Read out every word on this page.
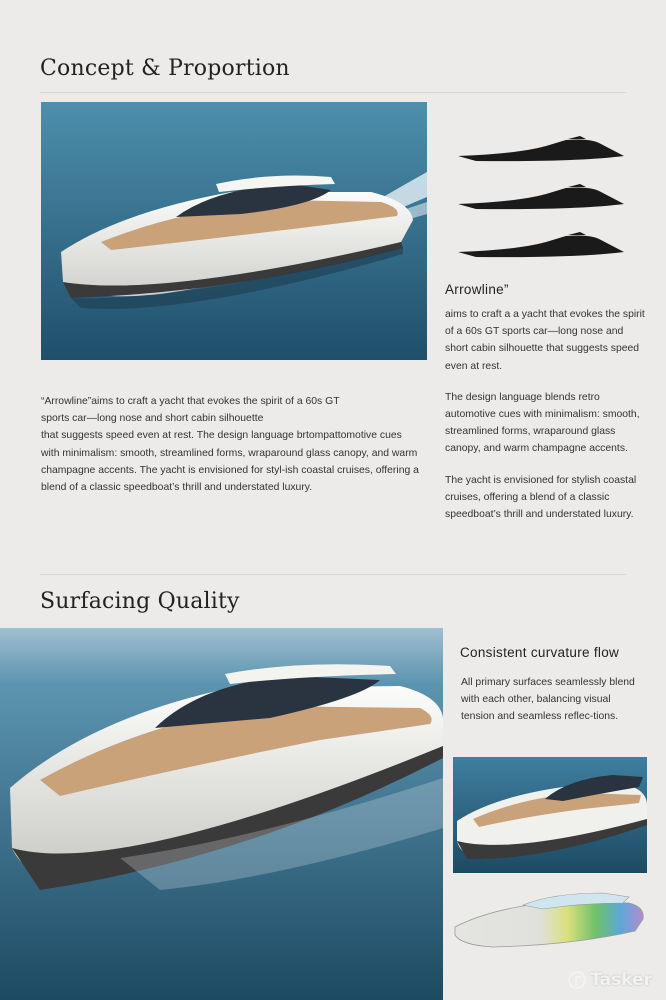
Concept & Proportion
Arrowline”
aims to craft a a yacht that evokes the spirit of a 60s GT sports car—long nose and short cabin silhouette that suggests speed even at rest.
The design language blends retro automotive cues with minimalism: smooth, streamlined forms, wraparound glass canopy, and warm champagne accents.
The yacht is envisioned for stylish coastal cruises, offering a blend of a classic speedboat’s thrill and understated luxury.
“Arrowline”aims to craft a yacht that evokes the spirit of a 60s GT sports car—long nose and short cabin silhouette
that suggests speed even at rest. The design language brtompattomotive cues with minimalism: smooth, streamlined forms, wraparound glass canopy, and warm champagne accents. The yacht is envisioned for styl-ish coastal cruises, offering a blend of a classic speedboat’s thrill and understated luxury.
Surfacing Quality
Consistent curvature flow
All primary surfaces seamlessly blend with each other, balancing visual tension and seamless reflec-tions.
Tasker
